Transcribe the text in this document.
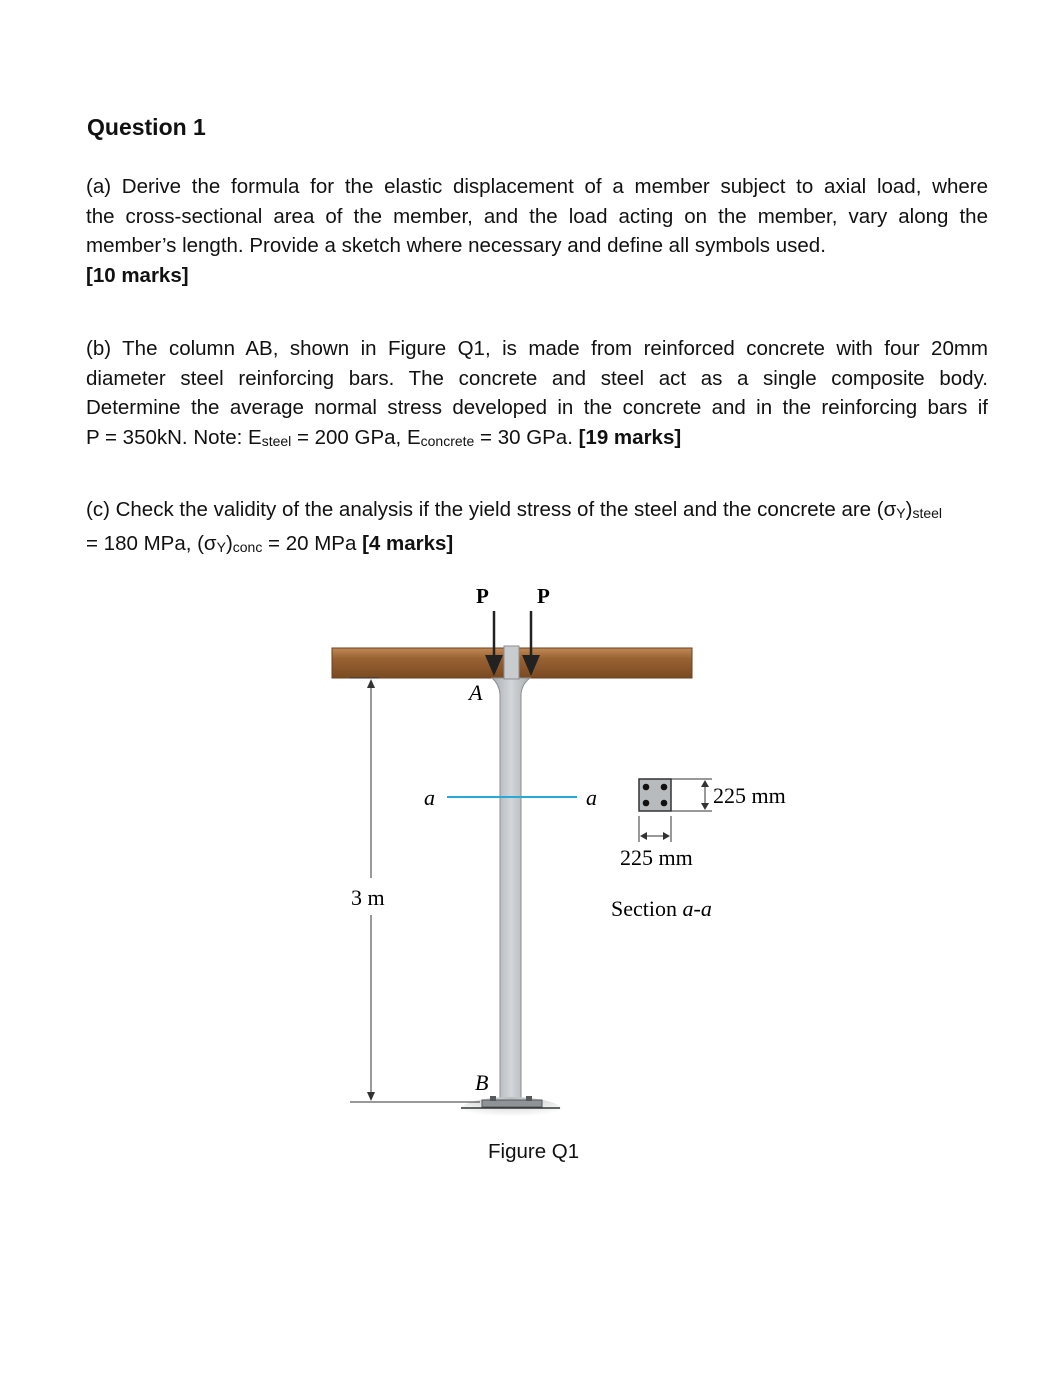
Question 1
(a) Derive the formula for the elastic displacement of a member subject to axial load, where
the cross-sectional area of the member, and the load acting on the member, vary along the
member’s length. Provide a sketch where necessary and define all symbols used.
[10 marks]
(b) The column AB, shown in Figure Q1, is made from reinforced concrete with four 20mm
diameter steel reinforcing bars. The concrete and steel act as a single composite body.
Determine the average normal stress developed in the concrete and in the reinforcing bars if
P = 350kN. Note: $E_{steel} = 200$ GPa, $E_{concrete} = 30$ GPa. [19 marks]
(c) Check the validity of the analysis if the yield stress of the steel and the concrete are $(\sigma_Y)_{steel}$
= 180 MPa, $(\sigma_Y)_{conc} = 20$ MPa [4 marks]
P P
A
B
a	a
3 m
225 mm
225 mm
Section a-a

Figure Q1
